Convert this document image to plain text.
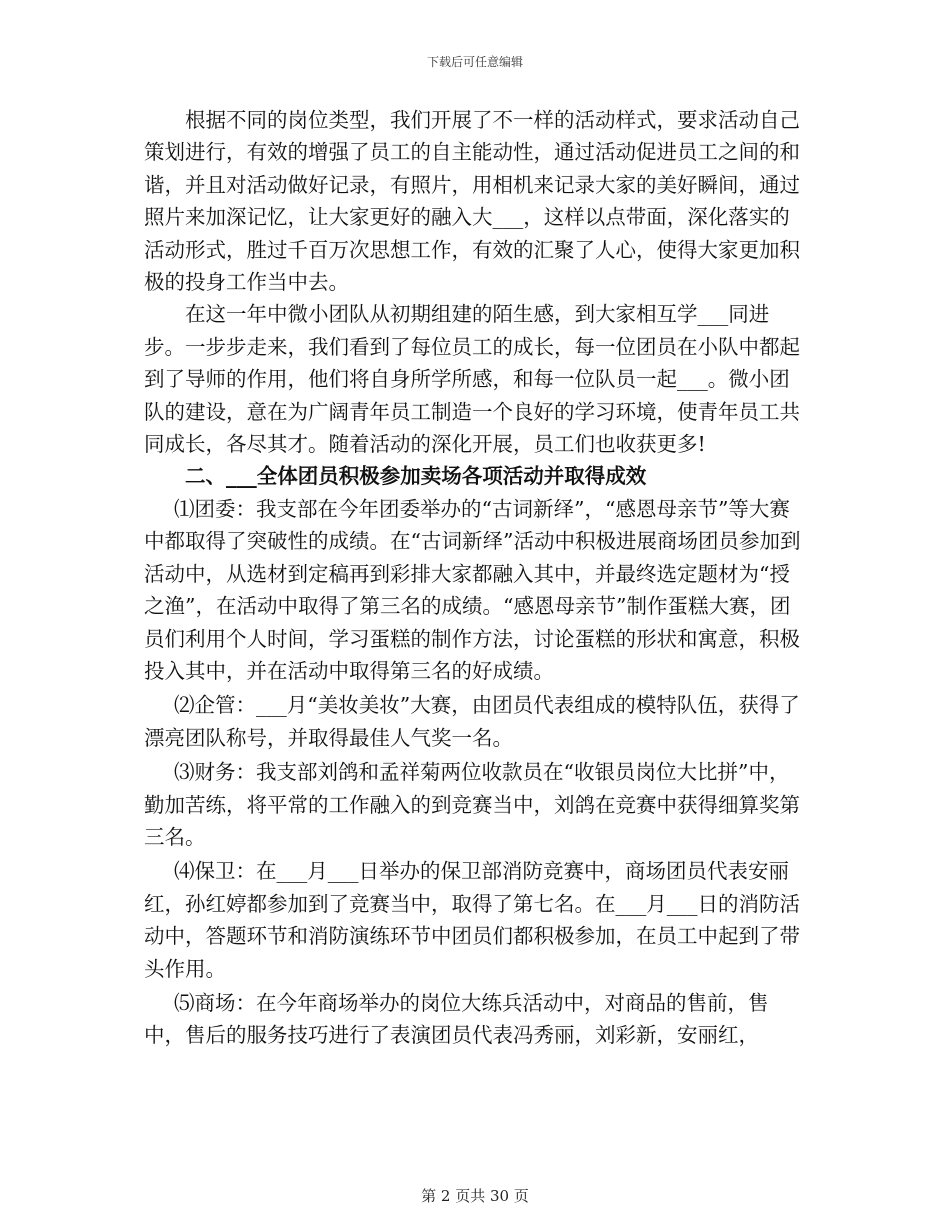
下载后可任意编辑

根据不同的岗位类型，我们开展了不一样的活动样式，要求活动自己策划进行，有效的增强了员工的自主能动性，通过活动促进员工之间的和谐，并且对活动做好记录，有照片，用相机来记录大家的美好瞬间，通过照片来加深记忆，让大家更好的融入大___，这样以点带面，深化落实的活动形式，胜过千百万次思想工作，有效的汇聚了人心，使得大家更加积极的投身工作当中去。

在这一年中微小团队从初期组建的陌生感，到大家相互学___同进步。一步步走来，我们看到了每位员工的成长，每一位团员在小队中都起到了导师的作用，他们将自身所学所感，和每一位队员一起___。微小团队的建设，意在为广阔青年员工制造一个良好的学习环境，使青年员工共同成长，各尽其才。随着活动的深化开展，员工们也收获更多!

二、___全体团员积极参加卖场各项活动并取得成效

⑴团委：我支部在今年团委举办的“古词新绎”，“感恩母亲节”等大赛中都取得了突破性的成绩。在“古词新绎”活动中积极进展商场团员参加到活动中，从选材到定稿再到彩排大家都融入其中，并最终选定题材为“授之渔”，在活动中取得了第三名的成绩。“感恩母亲节”制作蛋糕大赛，团员们利用个人时间，学习蛋糕的制作方法，讨论蛋糕的形状和寓意，积极投入其中，并在活动中取得第三名的好成绩。

⑵企管：___月“美妆美妆”大赛，由团员代表组成的模特队伍，获得了漂亮团队称号，并取得最佳人气奖一名。

⑶财务：我支部刘鸽和孟祥菊两位收款员在“收银员岗位大比拼”中，勤加苦练，将平常的工作融入的到竞赛当中，刘鸽在竞赛中获得细算奖第三名。

⑷保卫：在___月___日举办的保卫部消防竞赛中，商场团员代表安丽红，孙红婷都参加到了竞赛当中，取得了第七名。在___月___日的消防活动中，答题环节和消防演练环节中团员们都积极参加，在员工中起到了带头作用。

⑸商场：在今年商场举办的岗位大练兵活动中，对商品的售前，售中，售后的服务技巧进行了表演团员代表冯秀丽，刘彩新，安丽红，

第 2 页共 30 页
